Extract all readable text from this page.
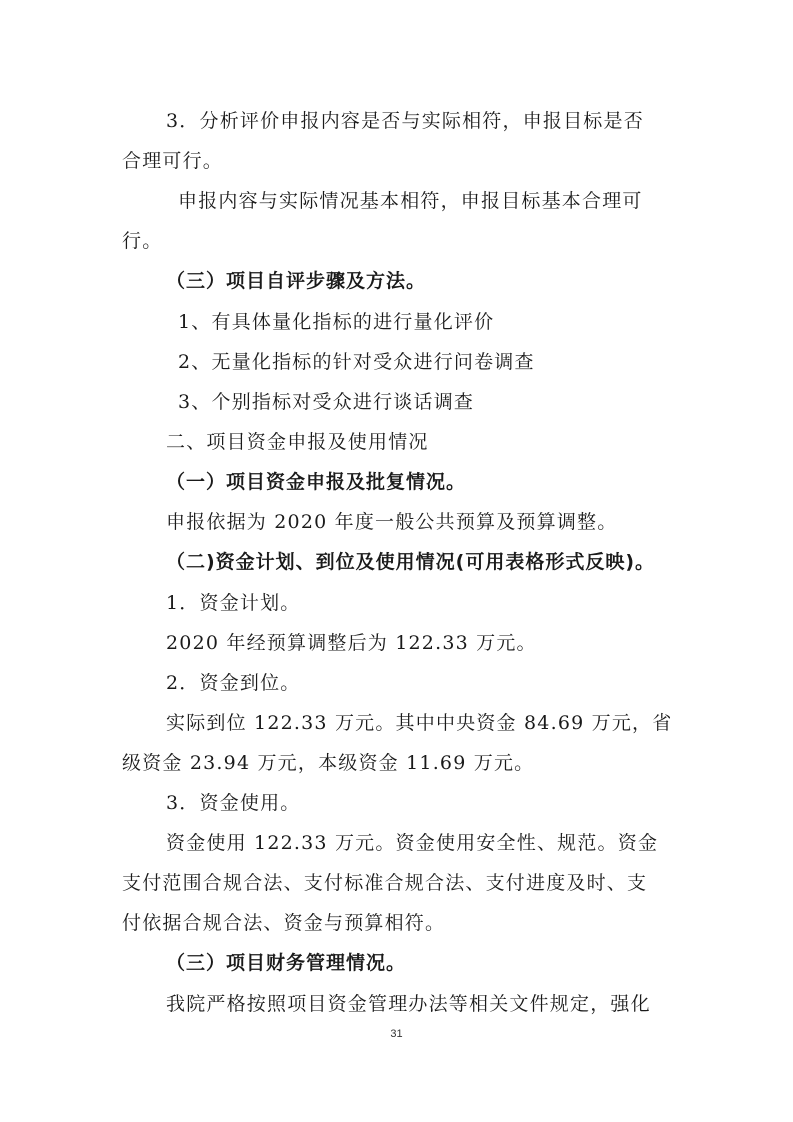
3．分析评价申报内容是否与实际相符，申报目标是否
合理可行。
申报内容与实际情况基本相符，申报目标基本合理可
行。
（三）项目自评步骤及方法。
1、有具体量化指标的进行量化评价
2、无量化指标的针对受众进行问卷调查
3、个别指标对受众进行谈话调查
二、项目资金申报及使用情况
（一）项目资金申报及批复情况。
申报依据为 2020 年度一般公共预算及预算调整。
（二)资金计划、到位及使用情况(可用表格形式反映)。
1．资金计划。
2020 年经预算调整后为 122.33 万元。
2．资金到位。
实际到位 122.33 万元。其中中央资金 84.69 万元，省
级资金 23.94 万元，本级资金 11.69 万元。
3．资金使用。
资金使用 122.33 万元。资金使用安全性、规范。资金
支付范围合规合法、支付标准合规合法、支付进度及时、支
付依据合规合法、资金与预算相符。
（三）项目财务管理情况。
我院严格按照项目资金管理办法等相关文件规定，强化
31
